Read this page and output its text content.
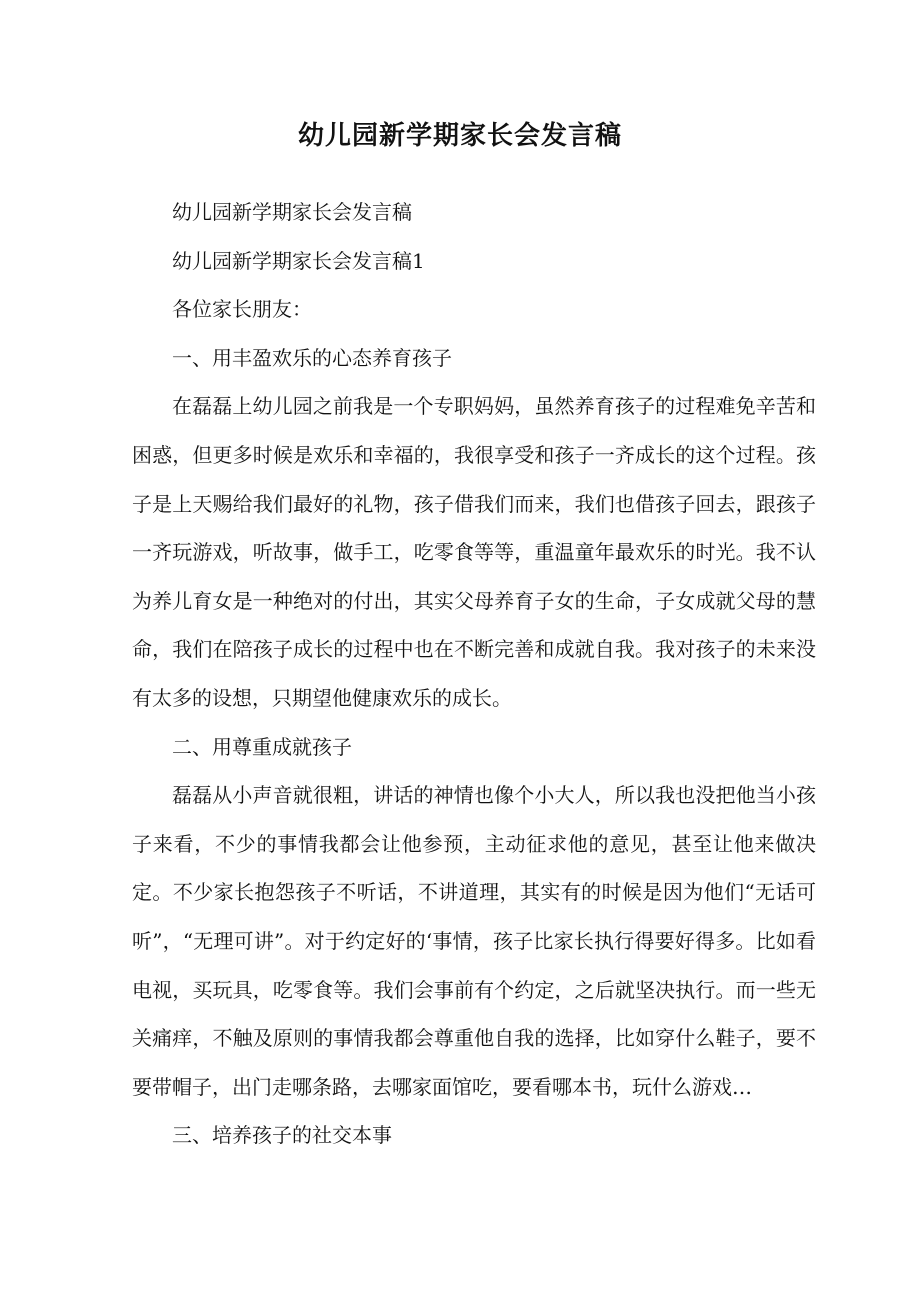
幼儿园新学期家长会发言稿

幼儿园新学期家长会发言稿

幼儿园新学期家长会发言稿1

各位家长朋友：

一、用丰盈欢乐的心态养育孩子

在磊磊上幼儿园之前我是一个专职妈妈，虽然养育孩子的过程难免辛苦和困惑，但更多时候是欢乐和幸福的，我很享受和孩子一齐成长的这个过程。孩子是上天赐给我们最好的礼物，孩子借我们而来，我们也借孩子回去，跟孩子一齐玩游戏，听故事，做手工，吃零食等等，重温童年最欢乐的时光。我不认为养儿育女是一种绝对的付出，其实父母养育子女的生命，子女成就父母的慧命，我们在陪孩子成长的过程中也在不断完善和成就自我。我对孩子的未来没有太多的设想，只期望他健康欢乐的成长。

二、用尊重成就孩子

磊磊从小声音就很粗，讲话的神情也像个小大人，所以我也没把他当小孩子来看，不少的事情我都会让他参预，主动征求他的意见，甚至让他来做决定。不少家长抱怨孩子不听话，不讲道理，其实有的时候是因为他们“无话可听”，“无理可讲”。对于约定好的‘事情，孩子比家长执行得要好得多。比如看电视，买玩具，吃零食等。我们会事前有个约定，之后就坚决执行。而一些无关痛痒，不触及原则的事情我都会尊重他自我的选择，比如穿什么鞋子，要不要带帽子，出门走哪条路，去哪家面馆吃，要看哪本书，玩什么游戏…

三、培养孩子的社交本事
